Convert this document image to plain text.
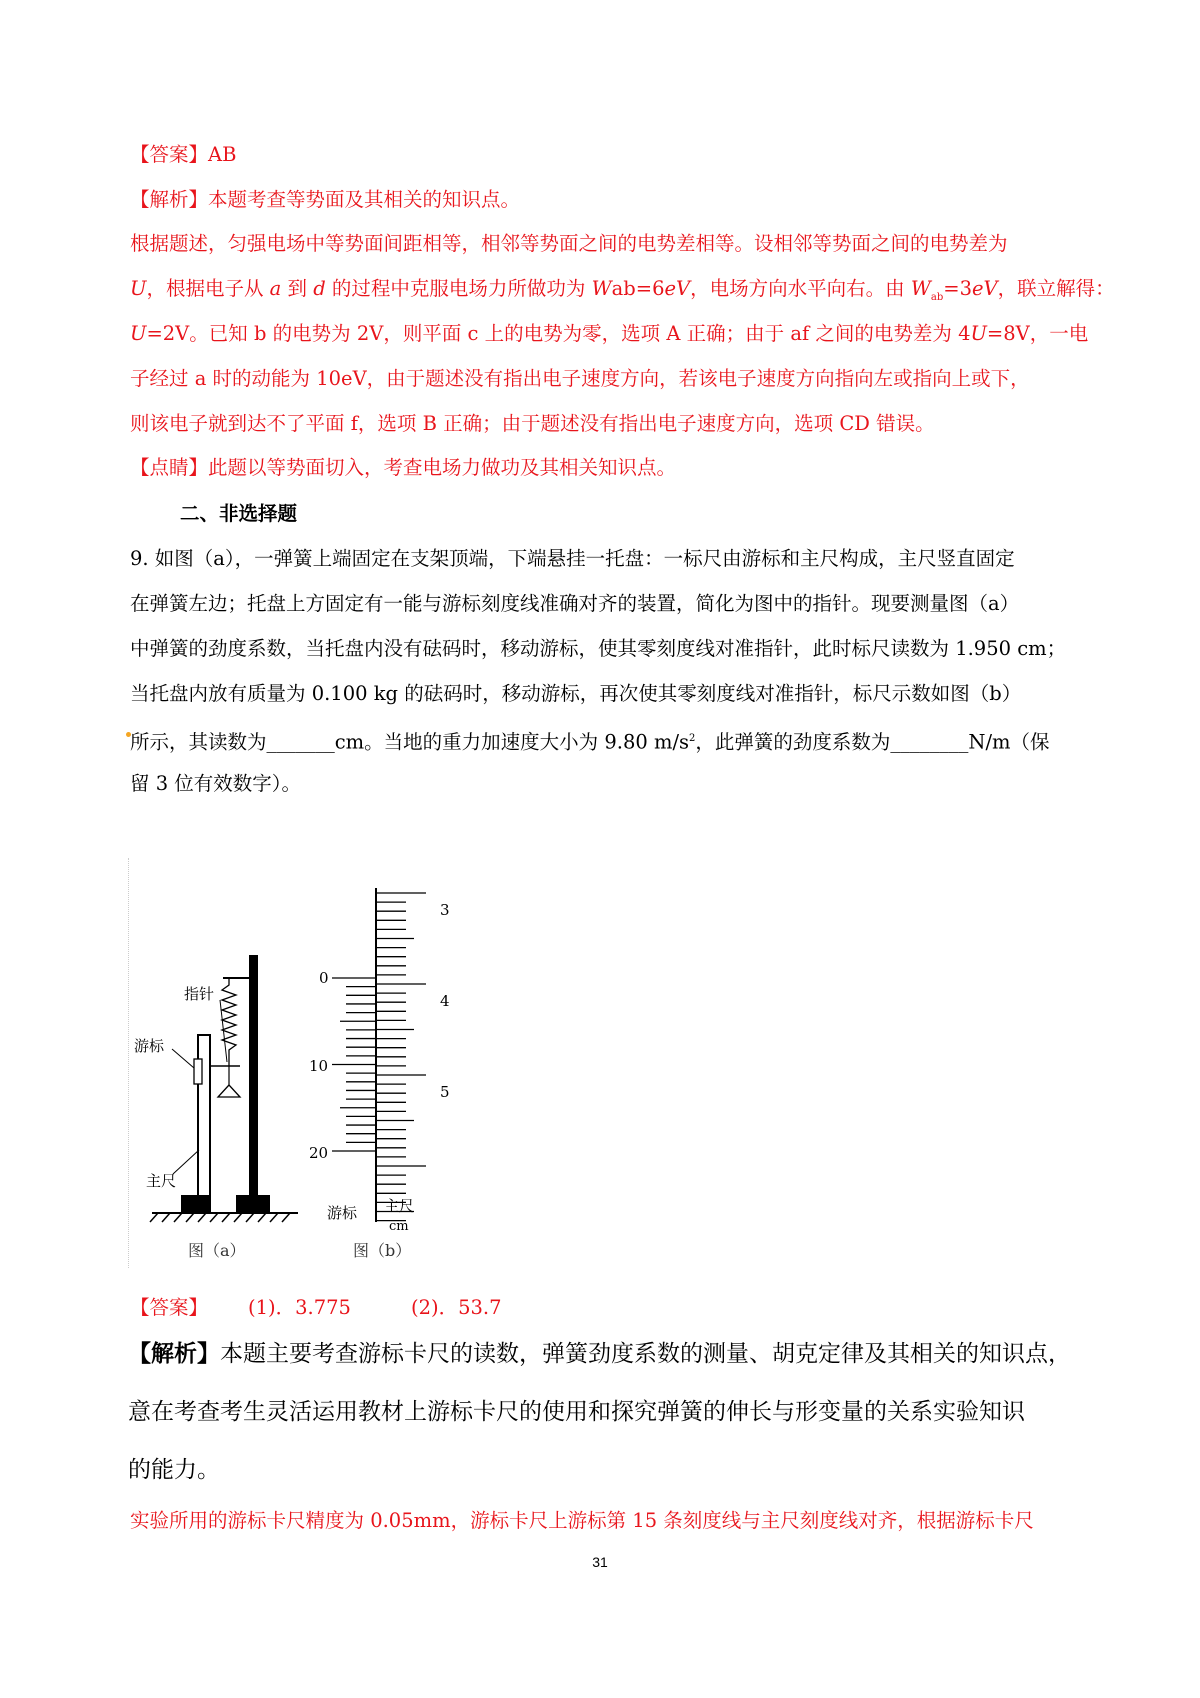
【答案】AB
【解析】本题考查等势面及其相关的知识点。
根据题述，匀强电场中等势面间距相等，相邻等势面之间的电势差相等。设相邻等势面之间的电势差为
U，根据电子从 a 到 d 的过程中克服电场力所做功为 Wab=6eV，电场方向水平向右。由 $W_{ab}=3eV$，联立解得：
U=2V。已知 b 的电势为 2V，则平面 c 上的电势为零，选项 A 正确；由于 af 之间的电势差为 4U=8V，一电
子经过 a 时的动能为 10eV，由于题述没有指出电子速度方向，若该电子速度方向指向左或指向上或下，
则该电子就到达不了平面 f，选项 B 正确；由于题述没有指出电子速度方向，选项 CD 错误。
【点睛】此题以等势面切入，考查电场力做功及其相关知识点。
二、非选择题
9. 如图（a），一弹簧上端固定在支架顶端，下端悬挂一托盘：一标尺由游标和主尺构成，主尺竖直固定
在弹簧左边；托盘上方固定有一能与游标刻度线准确对齐的装置，简化为图中的指针。现要测量图（a）
中弹簧的劲度系数，当托盘内没有砝码时，移动游标，使其零刻度线对准指针，此时标尺读数为 1.950 cm；
当托盘内放有质量为 0.100 kg 的砝码时，移动游标，再次使其零刻度线对准指针，标尺示数如图（b）
所示，其读数为_______cm。当地的重力加速度大小为 9.80 $m/s^2$，此弹簧的劲度系数为________N/m（保
留 3 位有效数字）。
指针
游标
主尺
图（a）
3
4
5
0
10
20
游标 主尺
cm
图（b）
【答案】 (1)．3.775	(2)．53.7
【解析】本题主要考查游标卡尺的读数，弹簧劲度系数的测量、胡克定律及其相关的知识点，
意在考查考生灵活运用教材上游标卡尺的使用和探究弹簧的伸长与形变量的关系实验知识
的能力。
实验所用的游标卡尺精度为 0.05mm，游标卡尺上游标第 15 条刻度线与主尺刻度线对齐，根据游标卡尺
31
